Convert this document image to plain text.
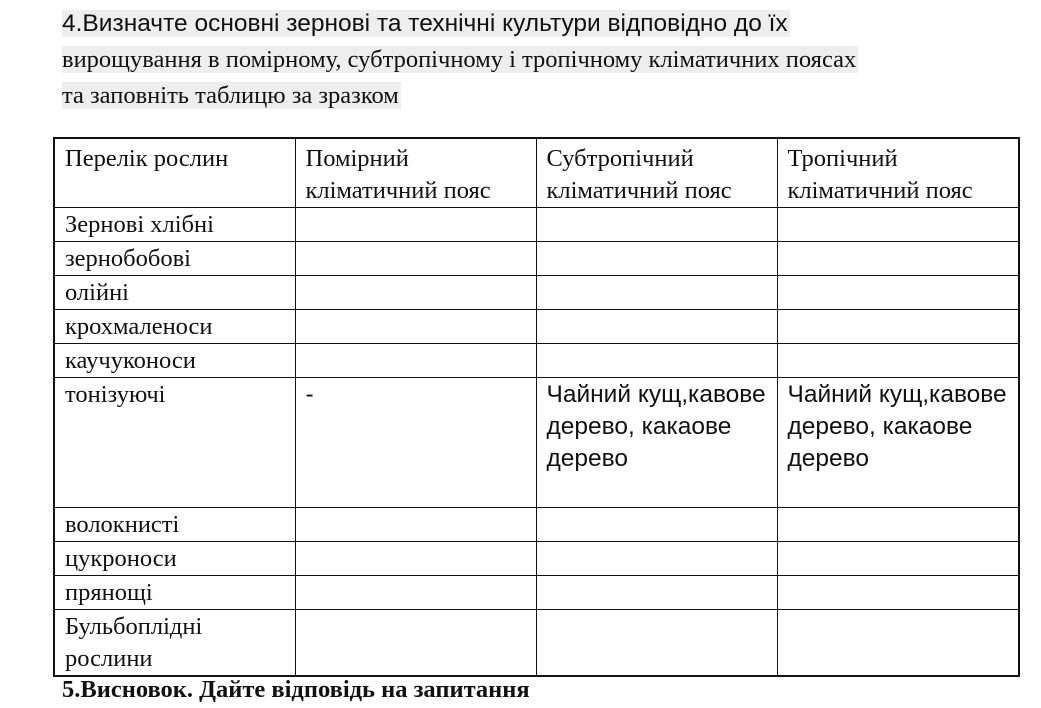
4.Визначте основні зернові та технічні культури відповідно до їх
вирощування в помірному, субтропічному і тропічному кліматичних поясах
та заповніть таблицю за зразком
Перелік рослин	Помірний кліматичний пояс	Субтропічний кліматичний пояс	Тропічний кліматичний пояс
Зернові хлібні			
зернобобові			
олійні			
крохмаленоси			
каучуконоси			
тонізуючі	-	Чайний кущ,кавове дерево, какаове дерево	Чайний кущ,кавове дерево, какаове дерево
волокнисті			
цукроноси			
прянощі			
Бульбоплідні рослини			
5.Висновок. Дайте відповідь на запитання
